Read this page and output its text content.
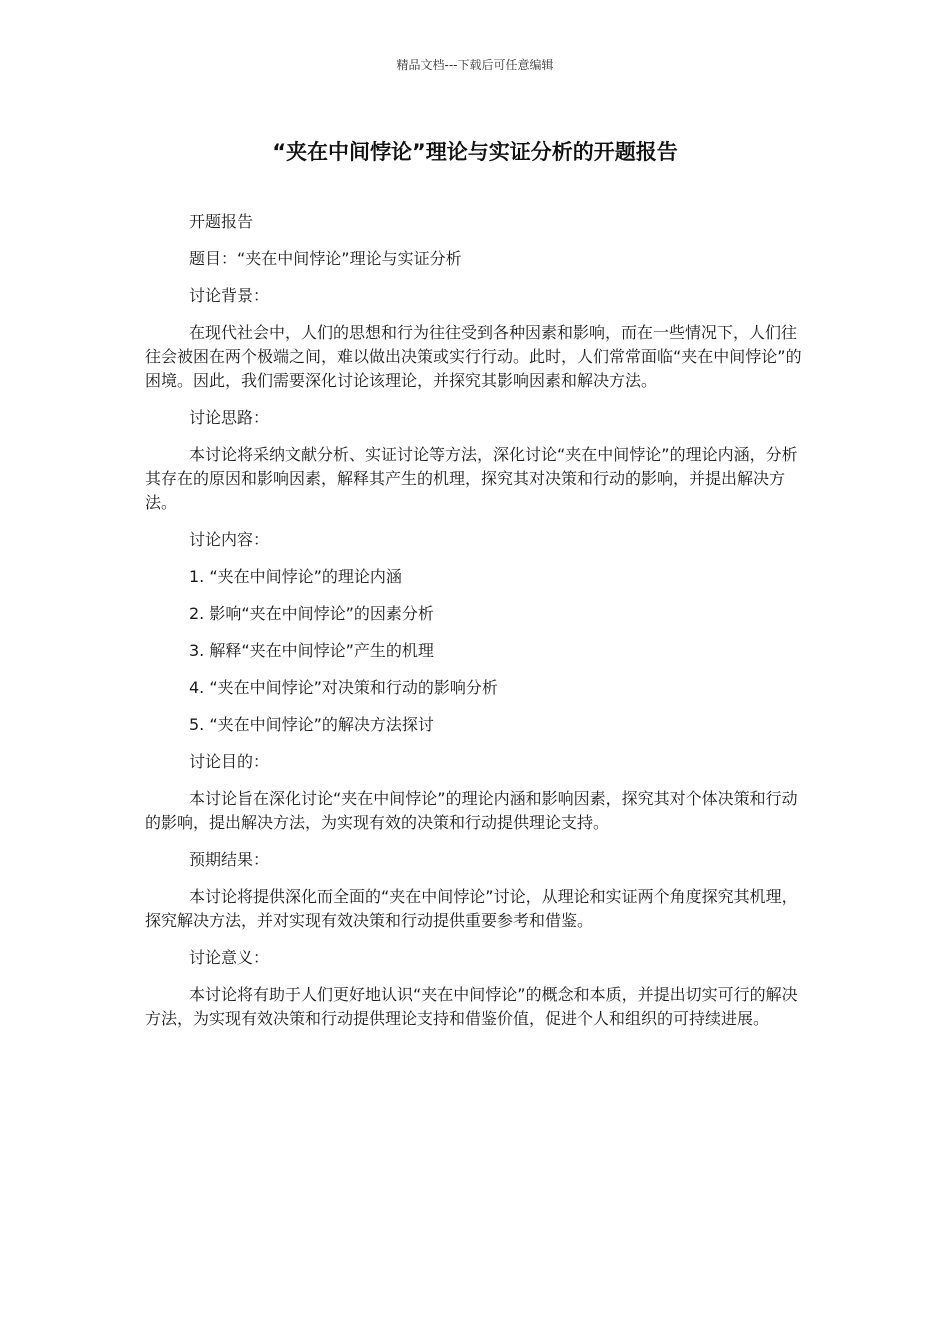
精品文档---下载后可任意编辑
“夹在中间悖论”理论与实证分析的开题报告

开题报告

题目：“夹在中间悖论”理论与实证分析

讨论背景：

在现代社会中，人们的思想和行为往往受到各种因素和影响，而在一些情况下，人们往往会被困在两个极端之间，难以做出决策或实行行动。此时，人们常常面临“夹在中间悖论”的困境。因此，我们需要深化讨论该理论，并探究其影响因素和解决方法。

讨论思路：

本讨论将采纳文献分析、实证讨论等方法，深化讨论“夹在中间悖论”的理论内涵，分析其存在的原因和影响因素，解释其产生的机理，探究其对决策和行动的影响，并提出解决方法。

讨论内容：

1. “夹在中间悖论”的理论内涵

2. 影响“夹在中间悖论”的因素分析

3. 解释“夹在中间悖论”产生的机理

4. “夹在中间悖论”对决策和行动的影响分析

5. “夹在中间悖论”的解决方法探讨

讨论目的：

本讨论旨在深化讨论“夹在中间悖论”的理论内涵和影响因素，探究其对个体决策和行动的影响，提出解决方法，为实现有效的决策和行动提供理论支持。

预期结果：

本讨论将提供深化而全面的“夹在中间悖论”讨论，从理论和实证两个角度探究其机理，探究解决方法，并对实现有效决策和行动提供重要参考和借鉴。

讨论意义：

本讨论将有助于人们更好地认识“夹在中间悖论”的概念和本质，并提出切实可行的解决方法，为实现有效决策和行动提供理论支持和借鉴价值，促进个人和组织的可持续进展。
